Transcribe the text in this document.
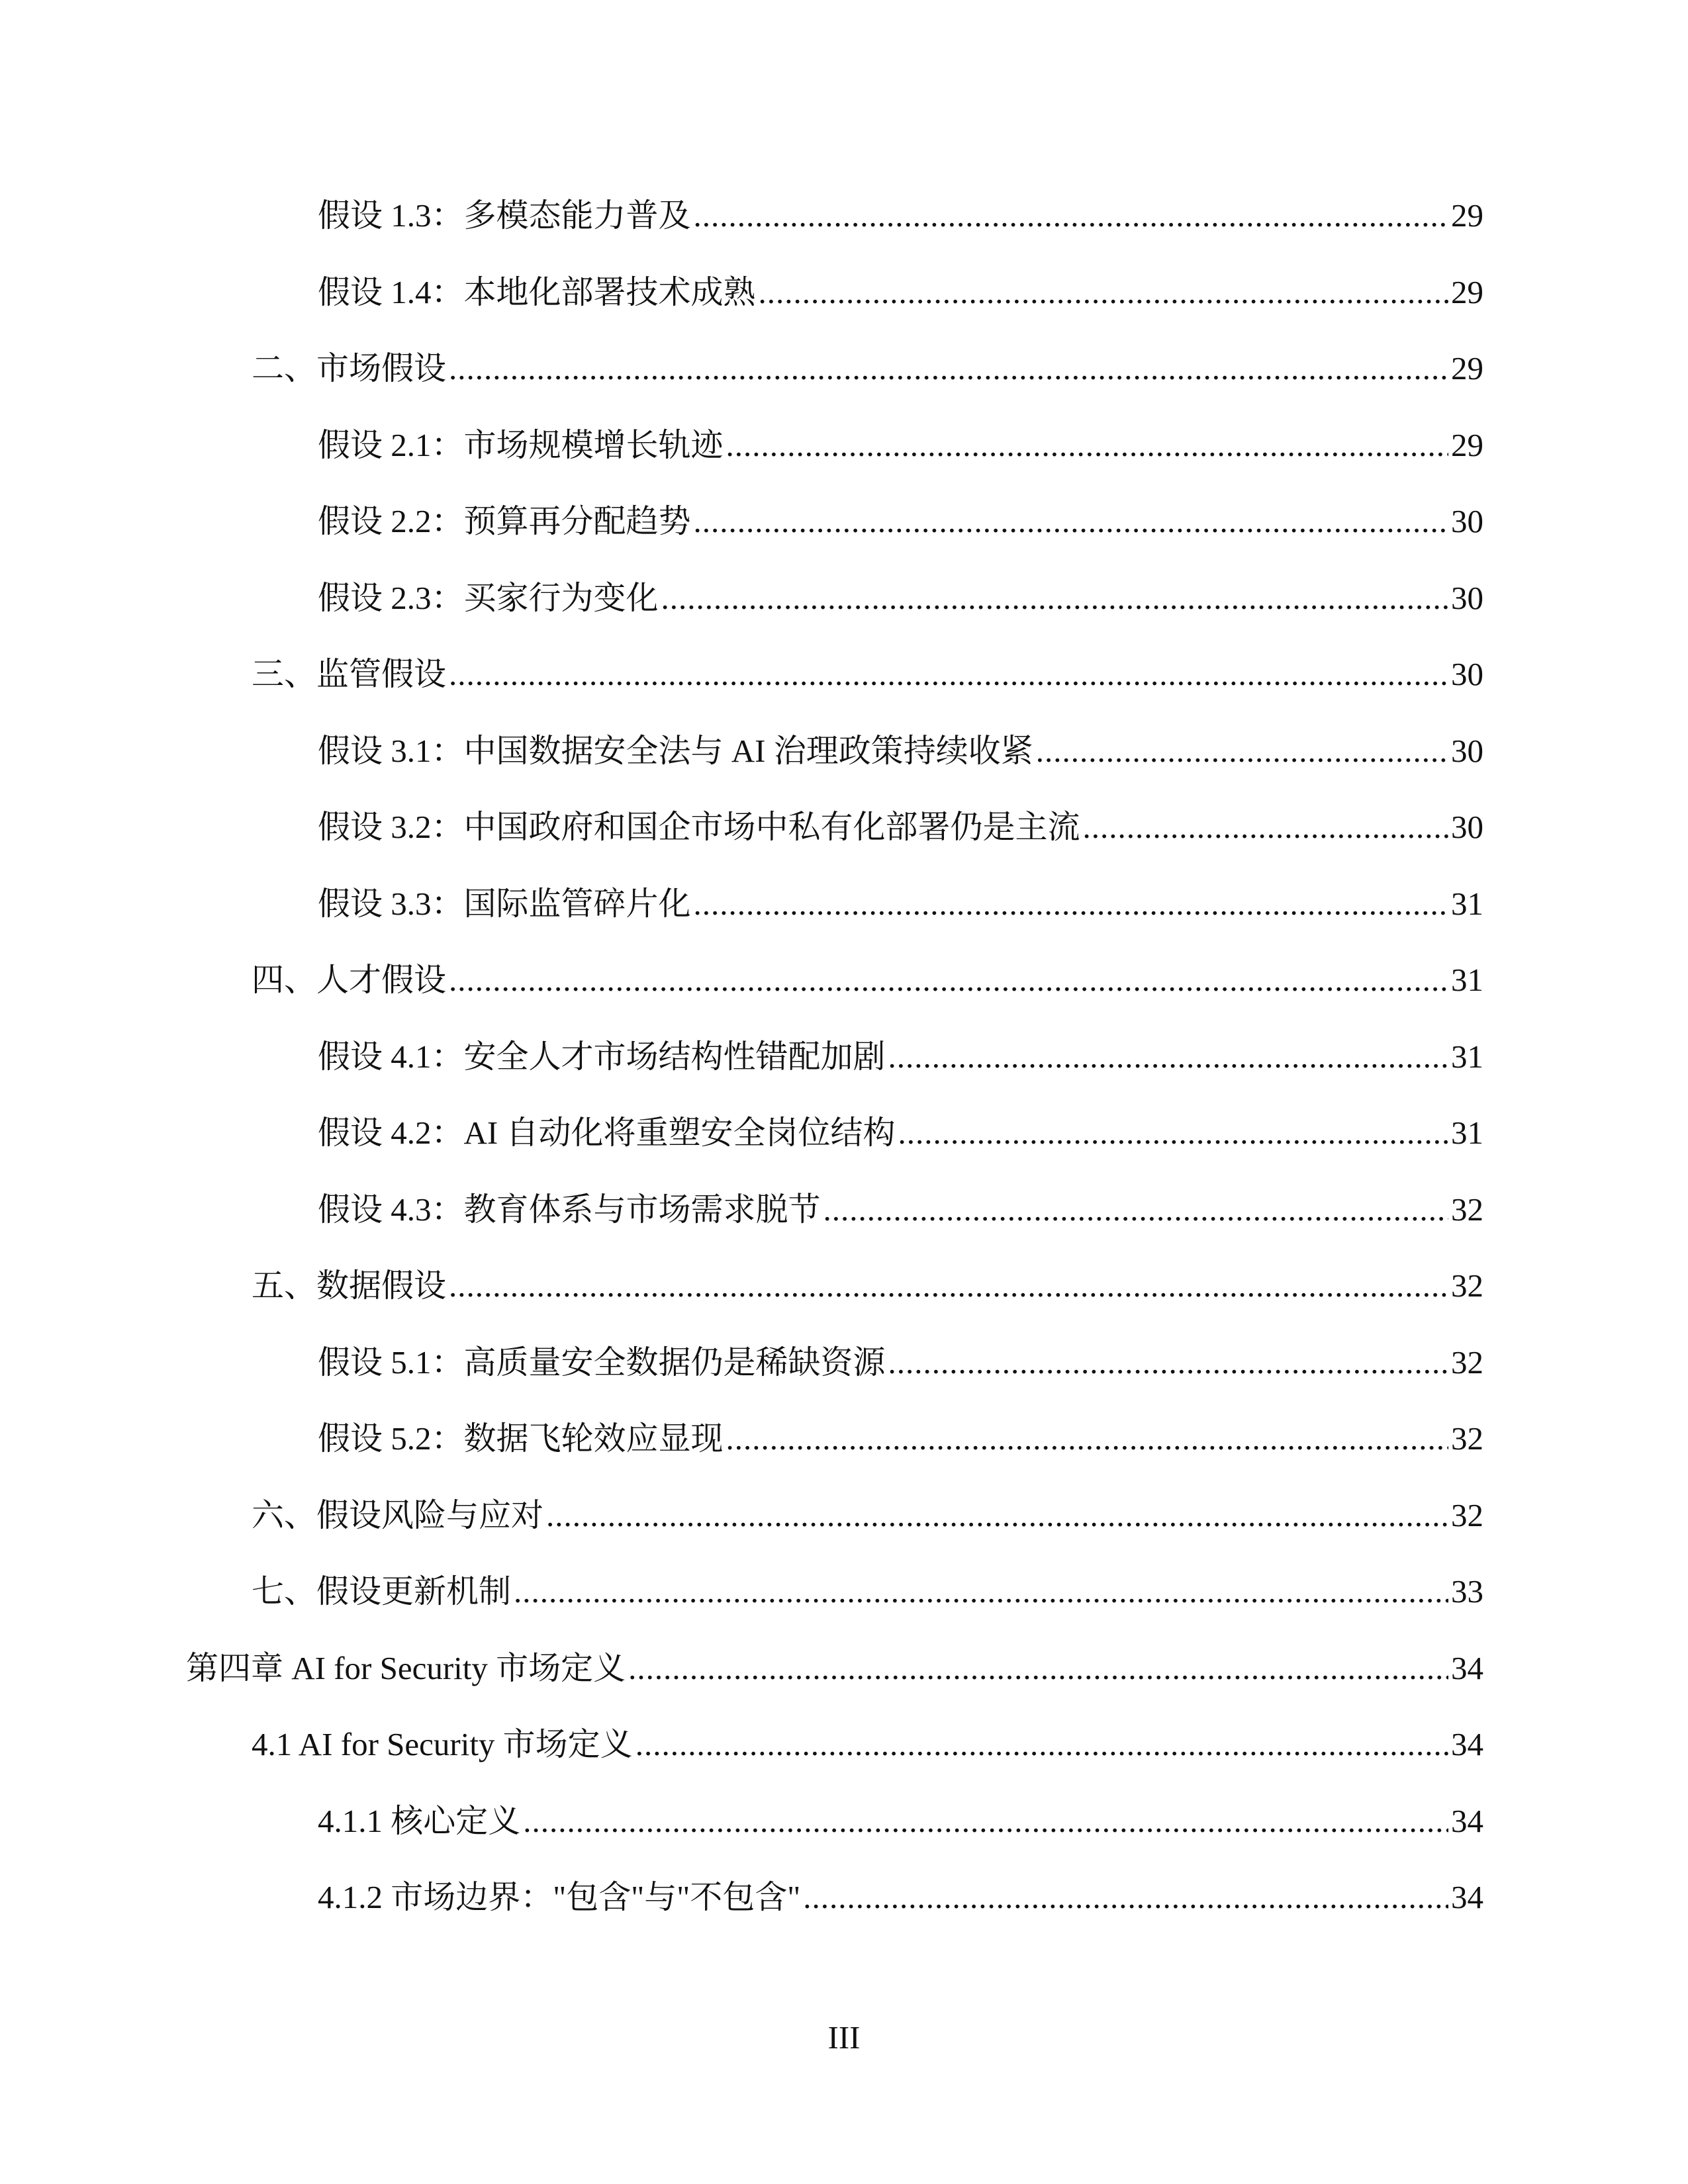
假设 1.3：多模态能力普及 .....	29
假设 1.4：本地化部署技术成熟 .....	29
二、市场假设 .....	29
假设 2.1：市场规模增长轨迹 .....	29
假设 2.2：预算再分配趋势 .....	30
假设 2.3：买家行为变化 .....	30
三、监管假设 .....	30
假设 3.1：中国数据安全法与 AI 治理政策持续收紧 .....	30
假设 3.2：中国政府和国企市场中私有化部署仍是主流 .....	30
假设 3.3：国际监管碎片化 .....	31
四、人才假设 .....	31
假设 4.1：安全人才市场结构性错配加剧 .....	31
假设 4.2：AI 自动化将重塑安全岗位结构 .....	31
假设 4.3：教育体系与市场需求脱节 .....	32
五、数据假设 .....	32
假设 5.1：高质量安全数据仍是稀缺资源 .....	32
假设 5.2：数据飞轮效应显现 .....	32
六、假设风险与应对 .....	32
七、假设更新机制 .....	33
第四章 AI for Security 市场定义 .....	34
4.1 AI for Security 市场定义 .....	34
4.1.1 核心定义 .....	34
4.1.2 市场边界："包含"与"不包含" .....	34
III
